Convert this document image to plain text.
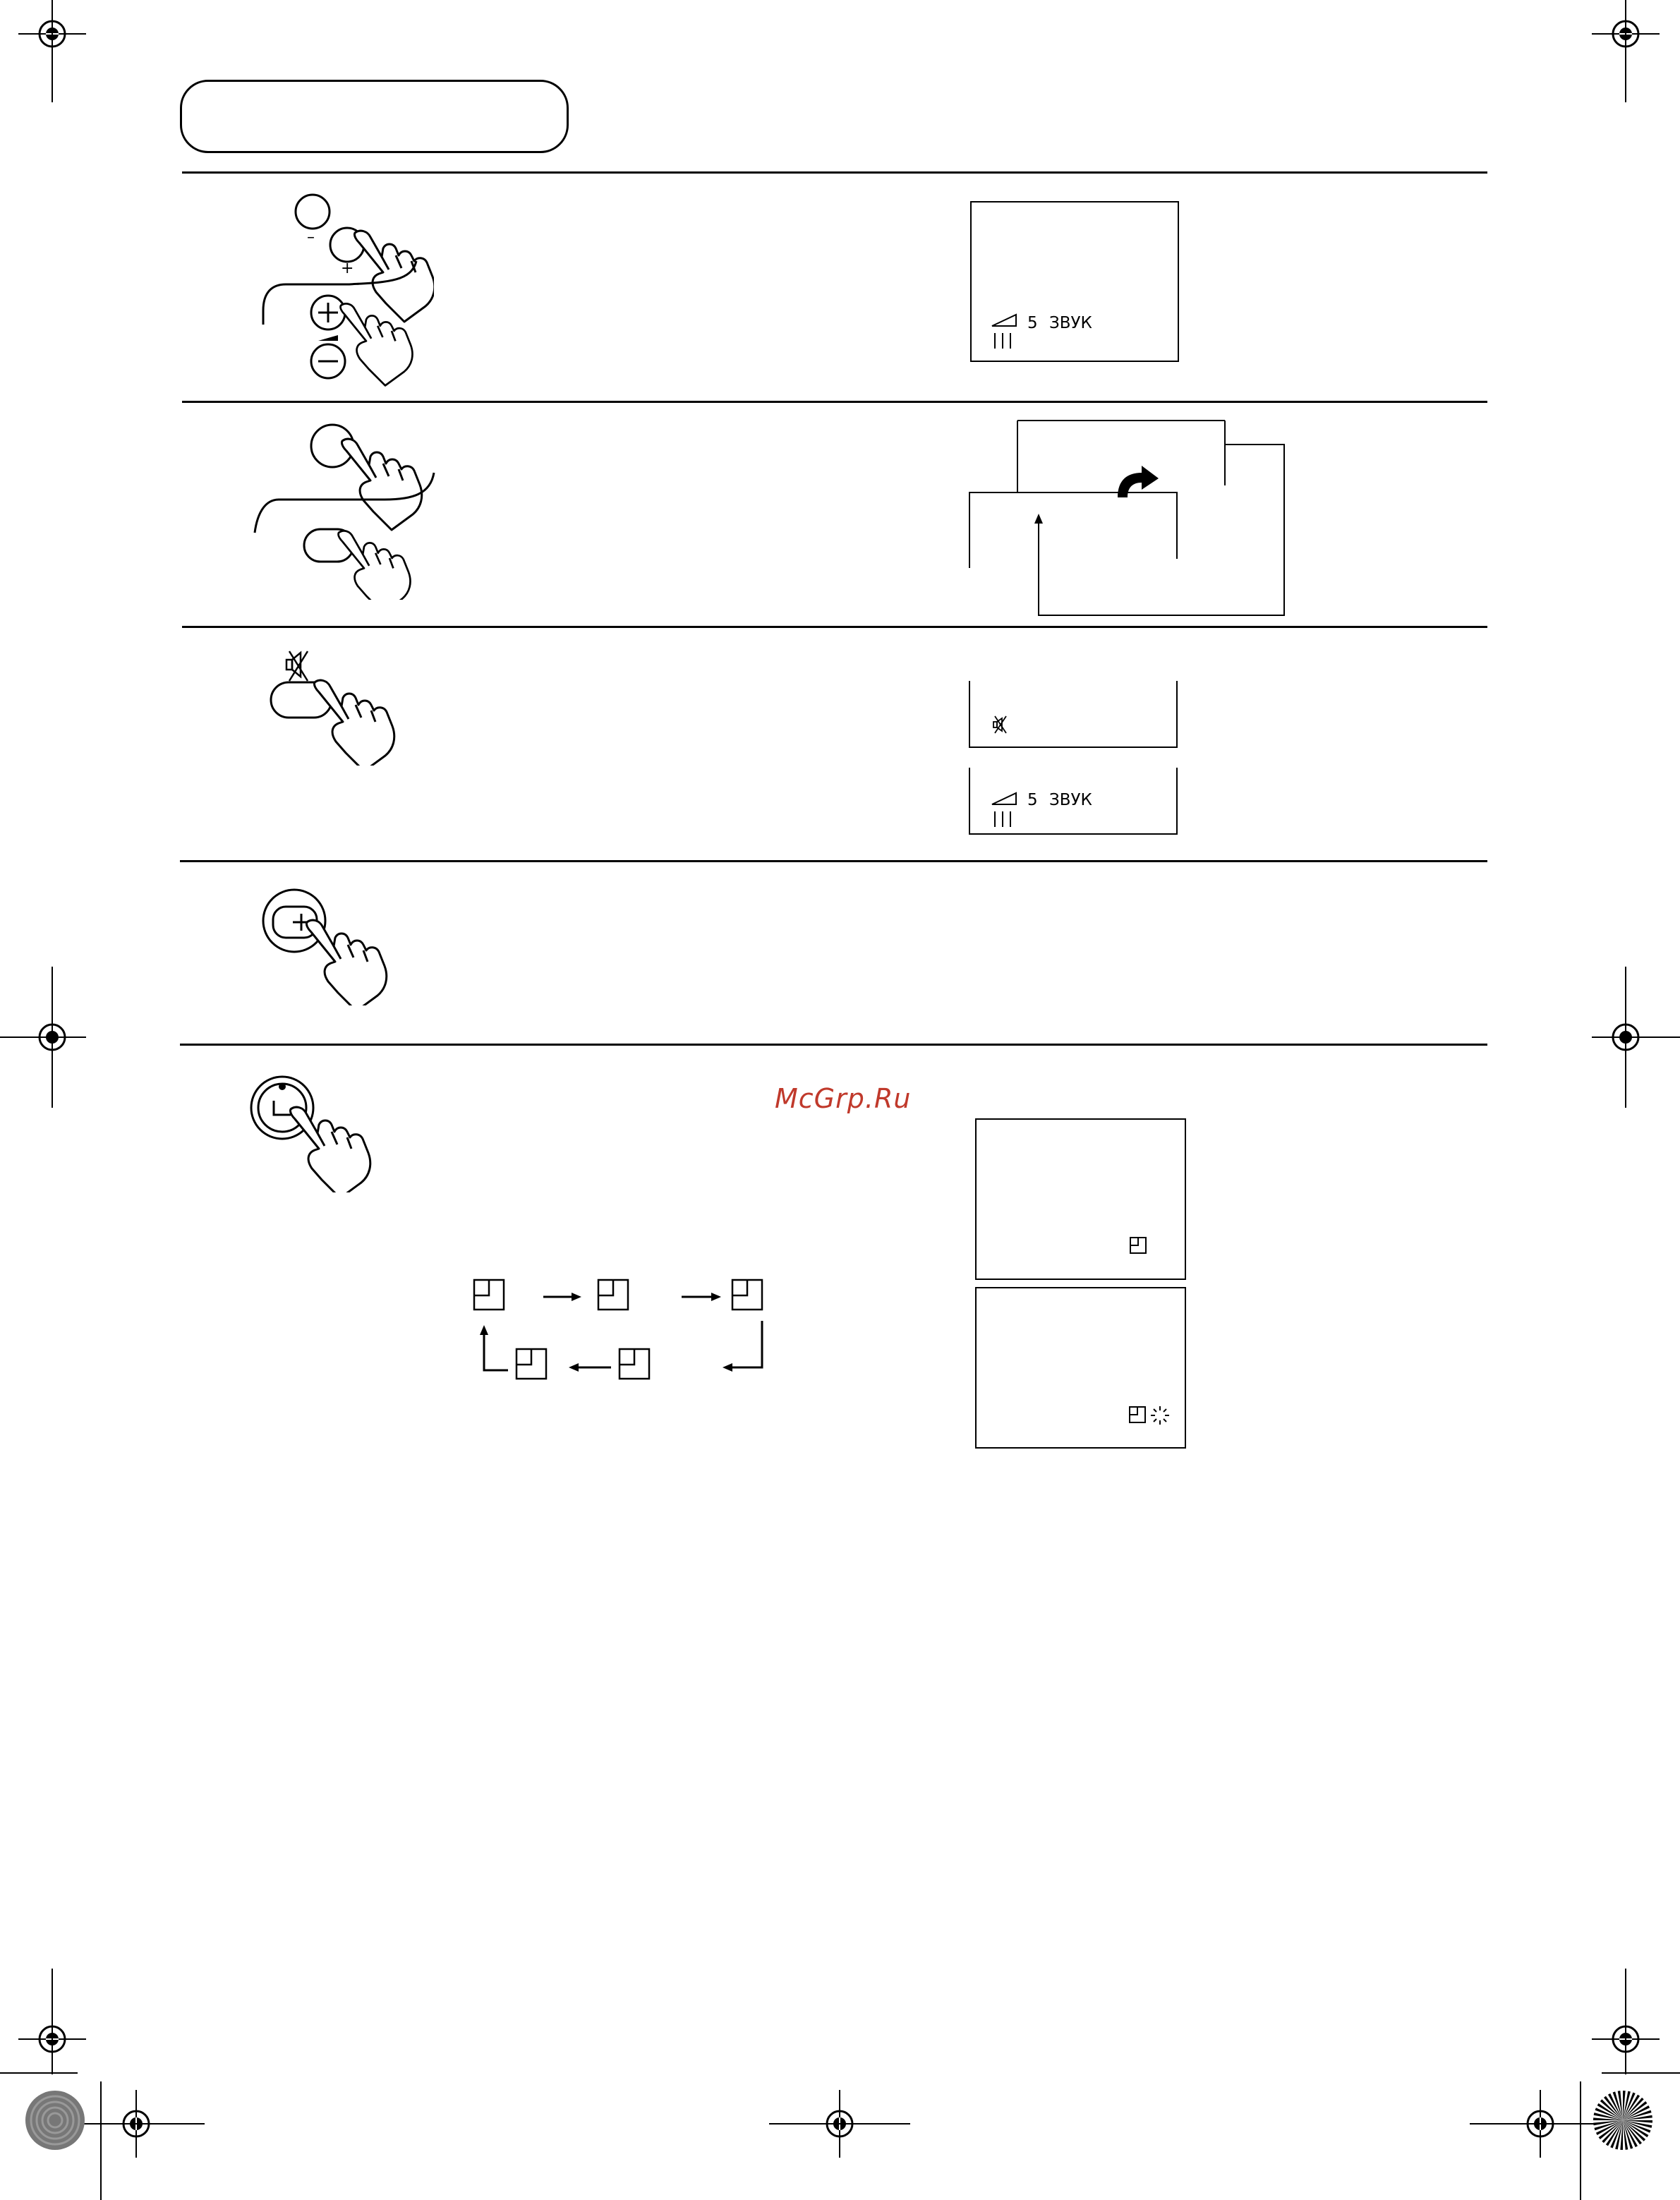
–
+
5 ЗВУК
5 ЗВУК
McGrp.Ru
